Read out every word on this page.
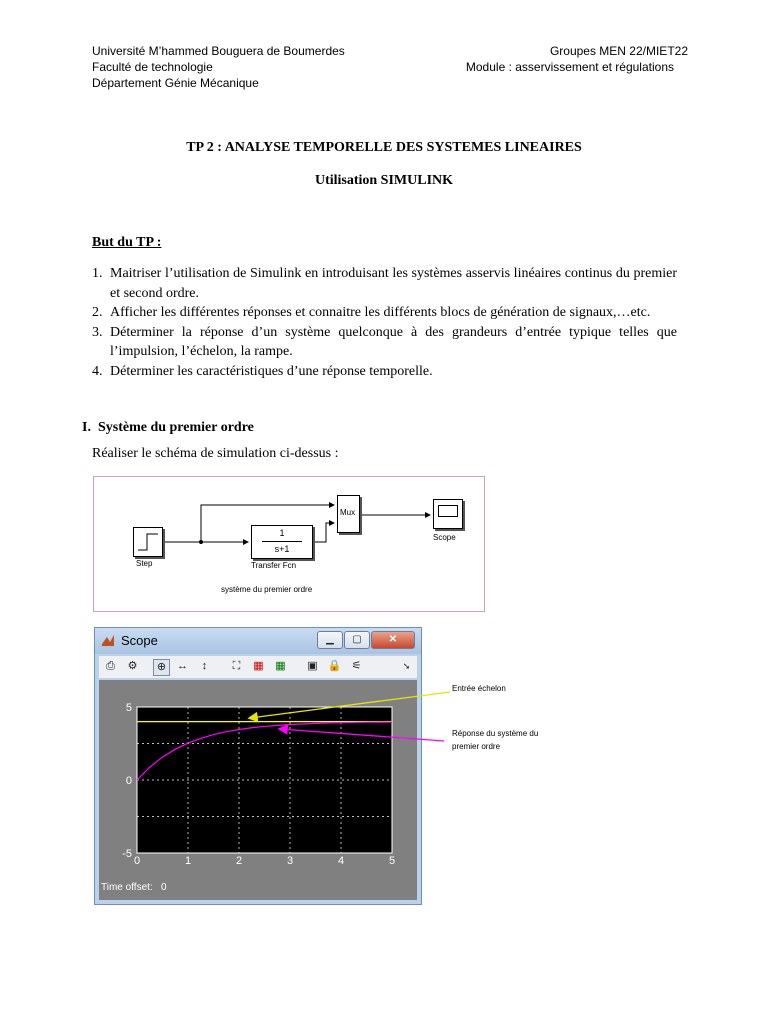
Université M’hammed Bouguera de Boumerdes
Faculté de technologie
Département Génie Mécanique
Groupes MEN 22/MIET22
Module : asservissement et régulations
TP 2 : ANALYSE TEMPORELLE DES SYSTEMES LINEAIRES
Utilisation SIMULINK
But du TP :
1. Maitriser l’utilisation de Simulink en introduisant les systèmes asservis linéaires continus du premier et second ordre.
2. Afficher les différentes réponses et connaitre les différents blocs de génération de signaux,…etc.
3. Déterminer la réponse d’un système quelconque à des grandeurs d’entrée typique telles que l’impulsion, l’échelon, la rampe.
4. Déterminer les caractéristiques d’une réponse temporelle.
I. Système du premier ordre
Réaliser le schéma de simulation ci-dessus :
Step
1
s+1
Transfer Fcn
Mux
Scope
système du premier ordre
Scope	▁	▢	✕
⎙ ⚙	⊕ ↔	↕	⛶	▦ ▦ ▣ 🔒 ⚟	➘
0	1	2	3	4	5
5
0
-5
Time offset: 0
Entrée échelon
Réponse du système du premier ordre
